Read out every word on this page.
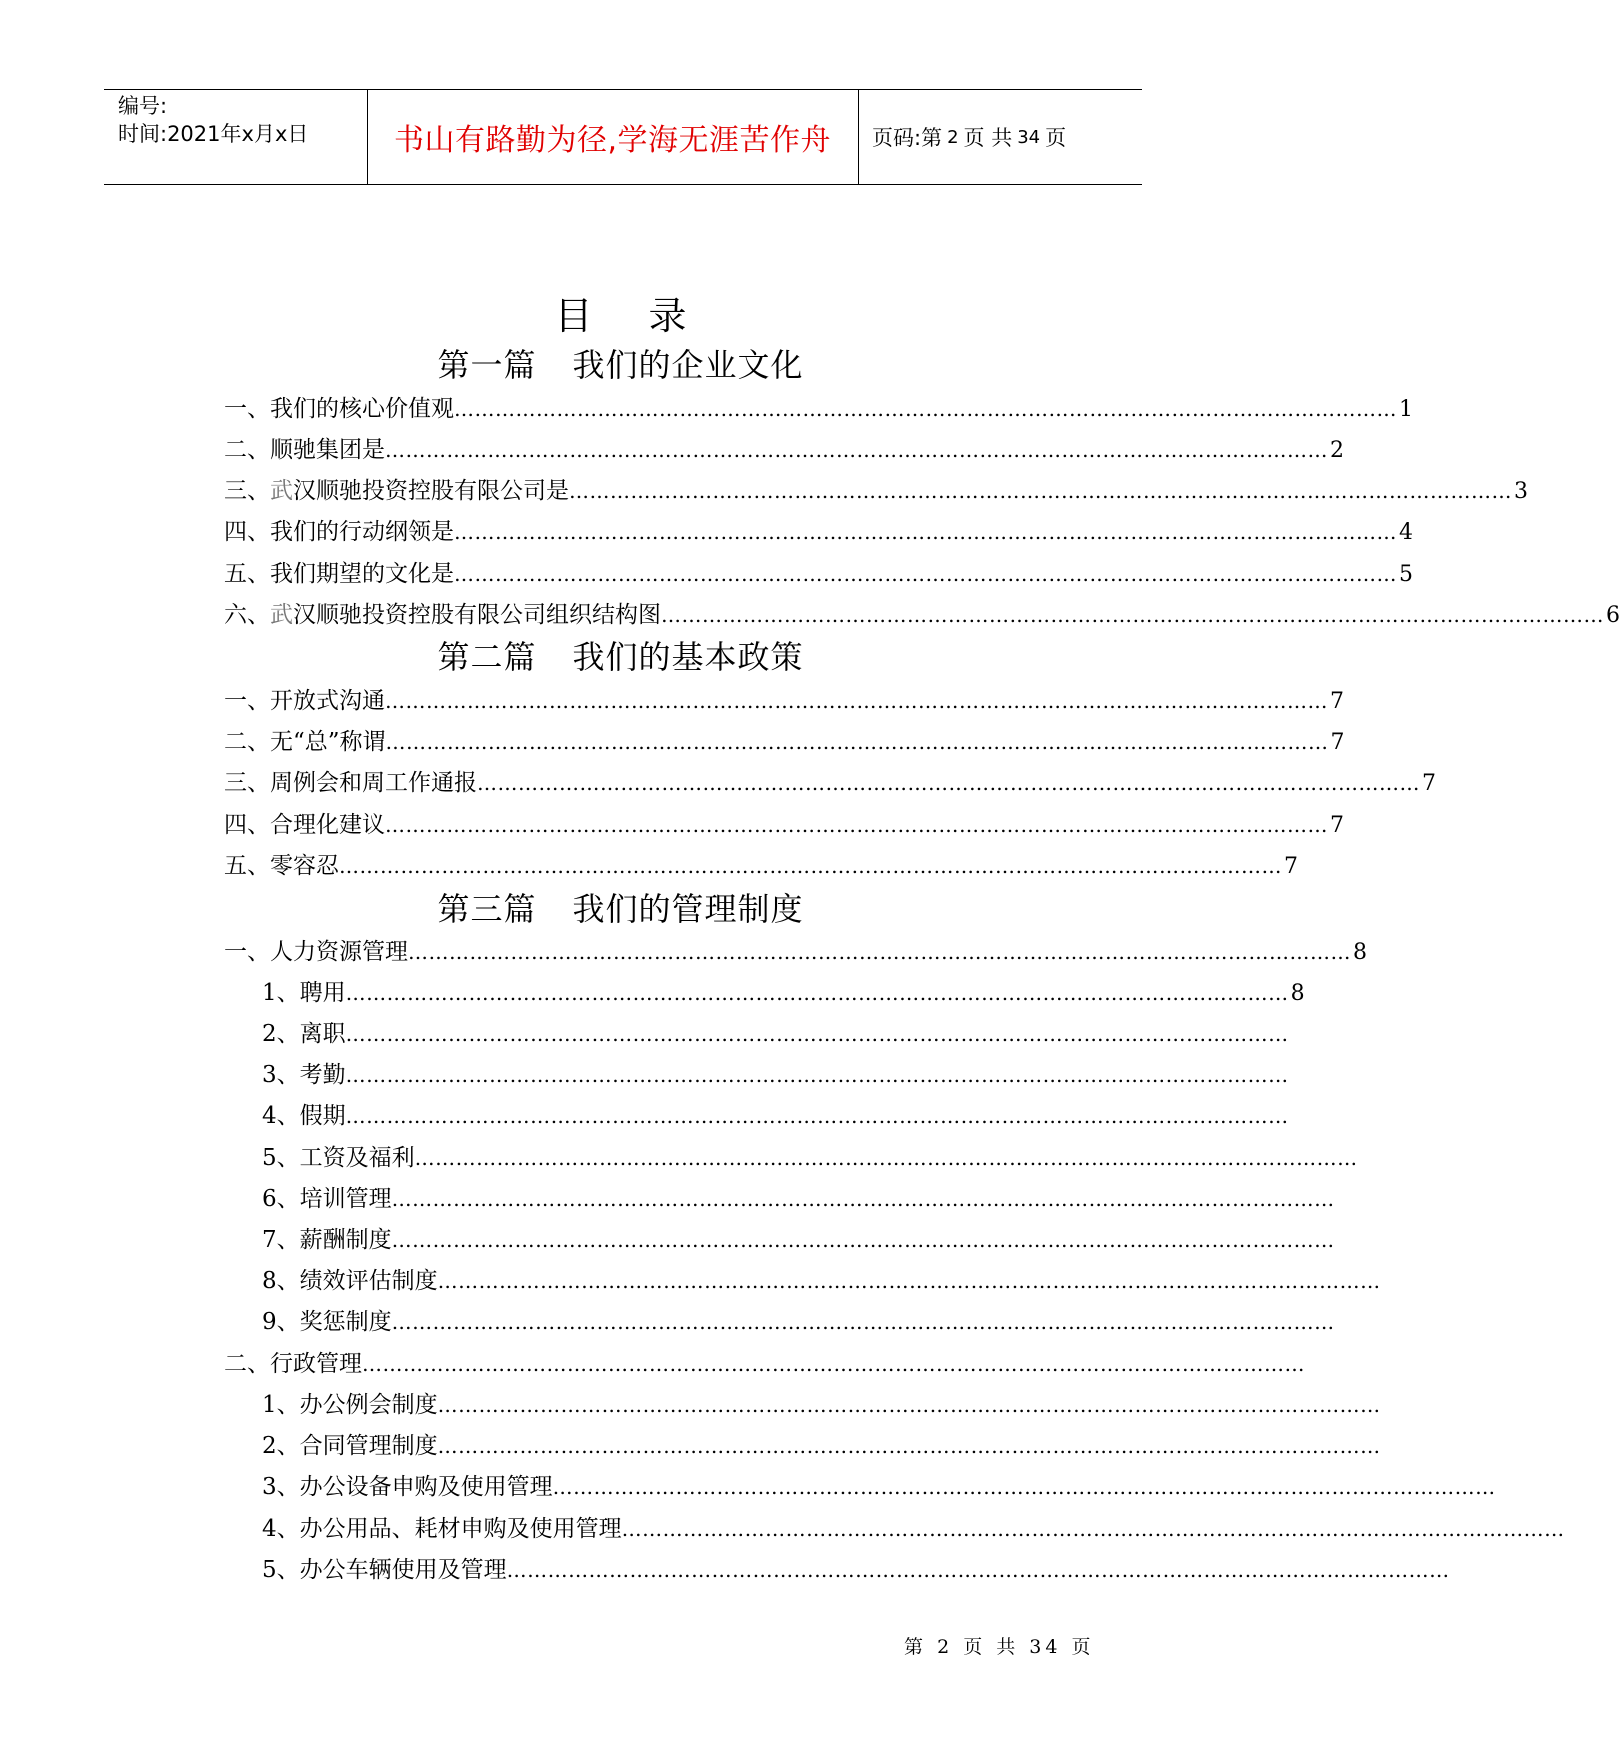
编号:
时间:2021年x月x日	书山有路勤为径,学海无涯苦作舟	页码:第 2 页 共 34 页
目录
第一篇 我们的企业文化
一、我们的核心价值观 ………………………………………………………………………………………………………………………… 1
二、顺驰集团是 ………………………………………………………………………………………………………………………… 2
三、武汉顺驰投资控股有限公司是 ………………………………………………………………………………………………………………………… 3
四、我们的行动纲领是 ………………………………………………………………………………………………………………………… 4
五、我们期望的文化是 ………………………………………………………………………………………………………………………… 5
六、武汉顺驰投资控股有限公司组织结构图 ………………………………………………………………………………………………………………………… 6
第二篇 我们的基本政策
一、开放式沟通 ………………………………………………………………………………………………………………………… 7
二、无“总”称谓 ………………………………………………………………………………………………………………………… 7
三、周例会和周工作通报 ………………………………………………………………………………………………………………………… 7
四、合理化建议 ………………………………………………………………………………………………………………………… 7
五、零容忍 ………………………………………………………………………………………………………………………… 7
第三篇 我们的管理制度
一、人力资源管理 ………………………………………………………………………………………………………………………… 8
1、聘用 ………………………………………………………………………………………………………………………… 8
2、离职 …………………………………………………………………………………………………………………………
3、考勤 …………………………………………………………………………………………………………………………
4、假期 …………………………………………………………………………………………………………………………
5、工资及福利 …………………………………………………………………………………………………………………………
6、培训管理 …………………………………………………………………………………………………………………………
7、薪酬制度 …………………………………………………………………………………………………………………………
8、绩效评估制度 …………………………………………………………………………………………………………………………
9、奖惩制度 …………………………………………………………………………………………………………………………
二、行政管理 …………………………………………………………………………………………………………………………
1、办公例会制度 …………………………………………………………………………………………………………………………
2、合同管理制度 …………………………………………………………………………………………………………………………
3、办公设备申购及使用管理 …………………………………………………………………………………………………………………………
4、办公用品、耗材申购及使用管理 …………………………………………………………………………………………………………………………
5、办公车辆使用及管理 …………………………………………………………………………………………………………………………
第 2 页 共 34 页
